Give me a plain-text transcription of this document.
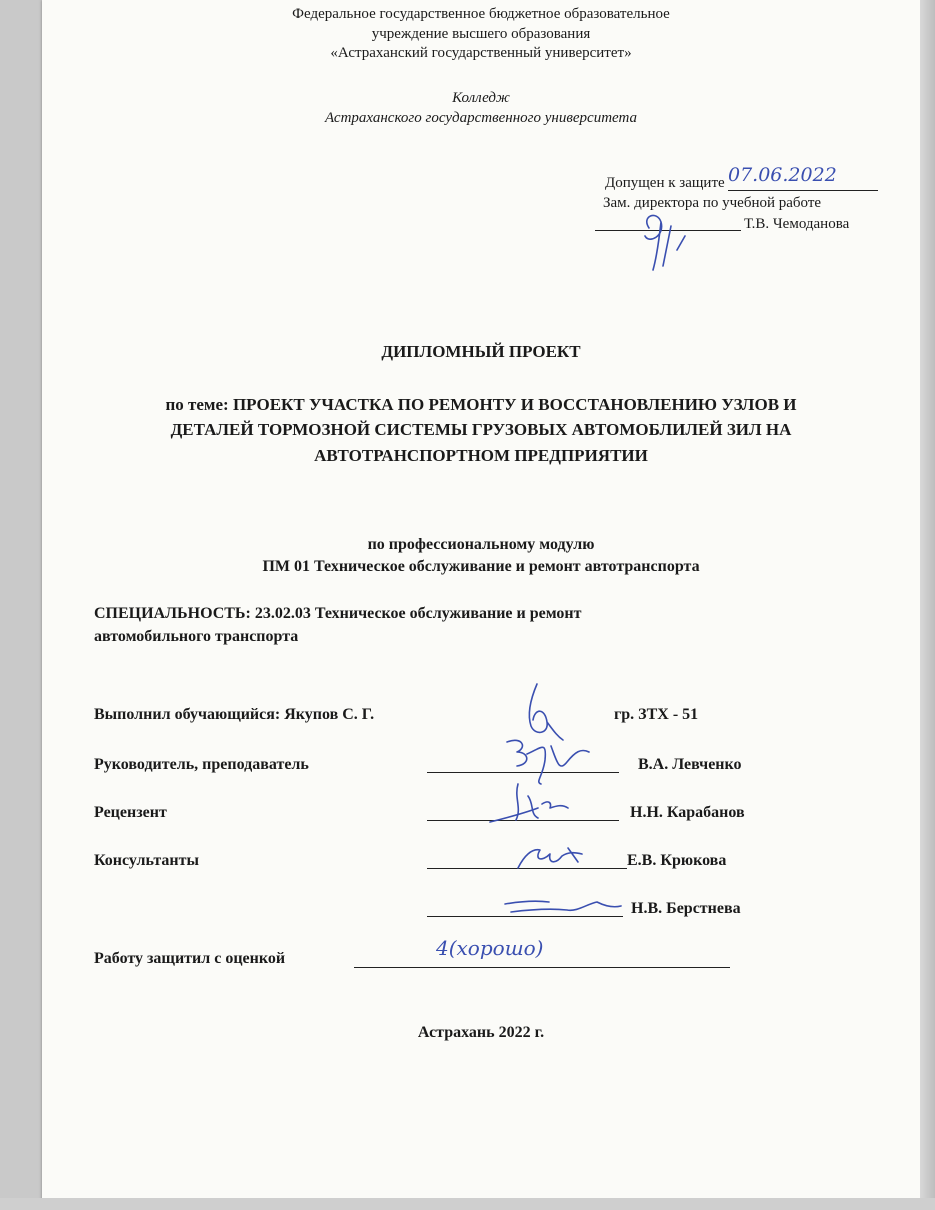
Федеральное государственное бюджетное образовательное
учреждение высшего образования
«Астраханский государственный университет»
Колледж
Астраханского государственного университета
Допущен к защите 07.06.2022
Зам. директора по учебной работе
Т.В. Чемоданова
ДИПЛОМНЫЙ ПРОЕКТ
по теме: ПРОЕКТ УЧАСТКА ПО РЕМОНТУ И ВОССТАНОВЛЕНИЮ УЗЛОВ И
ДЕТАЛЕЙ ТОРМОЗНОЙ СИСТЕМЫ ГРУЗОВЫХ АВТОМОБЛИЛЕЙ ЗИЛ НА
АВТОТРАНСПОРТНОМ ПРЕДПРИЯТИИ
по профессиональному модулю
ПМ 01 Техническое обслуживание и ремонт автотранспорта
СПЕЦИАЛЬНОСТЬ: 23.02.03 Техническое обслуживание и ремонт
автомобильного транспорта
Выполнил обучающийся: Якупов С. Г.	гр. ЗТХ - 51
Руководитель, преподаватель	В.А. Левченко
Рецензент	Н.Н. Карабанов
Консультанты	Е.В. Крюкова
Н.В. Берстнева
Работу защитил с оценкой	4(хорошо)
Астрахань 2022 г.
